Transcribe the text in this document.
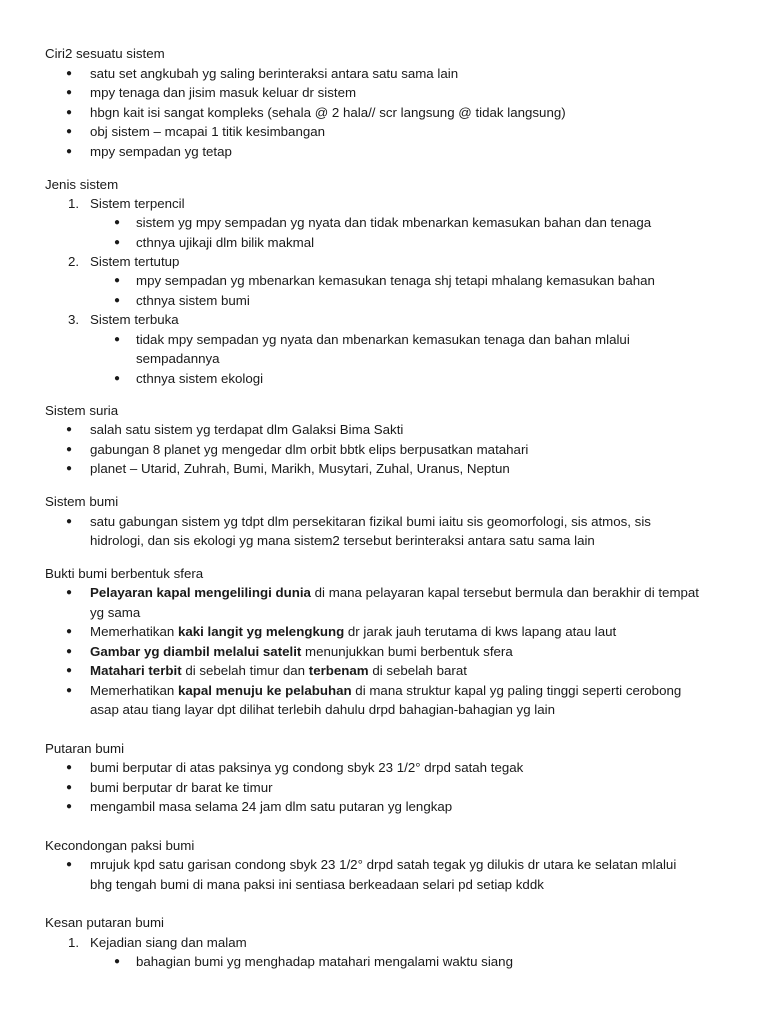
Ciri2 sesuatu sistem
● satu set angkubah yg saling berinteraksi antara satu sama lain
● mpy tenaga dan jisim masuk keluar dr sistem
● hbgn kait isi sangat kompleks (sehala @ 2 hala// scr langsung @ tidak langsung)
● obj sistem – mcapai 1 titik kesimbangan
● mpy sempadan yg tetap
Jenis sistem
1. Sistem terpencil
● sistem yg mpy sempadan yg nyata dan tidak mbenarkan kemasukan bahan dan tenaga
● cthnya ujikaji dlm bilik makmal
2. Sistem tertutup
● mpy sempadan yg mbenarkan kemasukan tenaga shj tetapi mhalang kemasukan bahan
● cthnya sistem bumi
3. Sistem terbuka
● tidak mpy sempadan yg nyata dan mbenarkan kemasukan tenaga dan bahan mlalui
sempadannya
● cthnya sistem ekologi
Sistem suria
● salah satu sistem yg terdapat dlm Galaksi Bima Sakti
● gabungan 8 planet yg mengedar dlm orbit bbtk elips berpusatkan matahari
● planet – Utarid, Zuhrah, Bumi, Marikh, Musytari, Zuhal, Uranus, Neptun
Sistem bumi
● satu gabungan sistem yg tdpt dlm persekitaran fizikal bumi iaitu sis geomorfologi, sis atmos, sis
hidrologi, dan sis ekologi yg mana sistem2 tersebut berinteraksi antara satu sama lain
Bukti bumi berbentuk sfera
● Pelayaran kapal mengelilingi dunia di mana pelayaran kapal tersebut bermula dan berakhir di tempat
yg sama
● Memerhatikan kaki langit yg melengkung dr jarak jauh terutama di kws lapang atau laut
● Gambar yg diambil melalui satelit menunjukkan bumi berbentuk sfera
● Matahari terbit di sebelah timur dan terbenam di sebelah barat
● Memerhatikan kapal menuju ke pelabuhan di mana struktur kapal yg paling tinggi seperti cerobong
asap atau tiang layar dpt dilihat terlebih dahulu drpd bahagian-bahagian yg lain
Putaran bumi
● bumi berputar di atas paksinya yg condong sbyk 23 1/2° drpd satah tegak
● bumi berputar dr barat ke timur
● mengambil masa selama 24 jam dlm satu putaran yg lengkap
Kecondongan paksi bumi
● mrujuk kpd satu garisan condong sbyk 23 1/2° drpd satah tegak yg dilukis dr utara ke selatan mlalui
bhg tengah bumi di mana paksi ini sentiasa berkeadaan selari pd setiap kddk
Kesan putaran bumi
1. Kejadian siang dan malam
● bahagian bumi yg menghadap matahari mengalami waktu siang
